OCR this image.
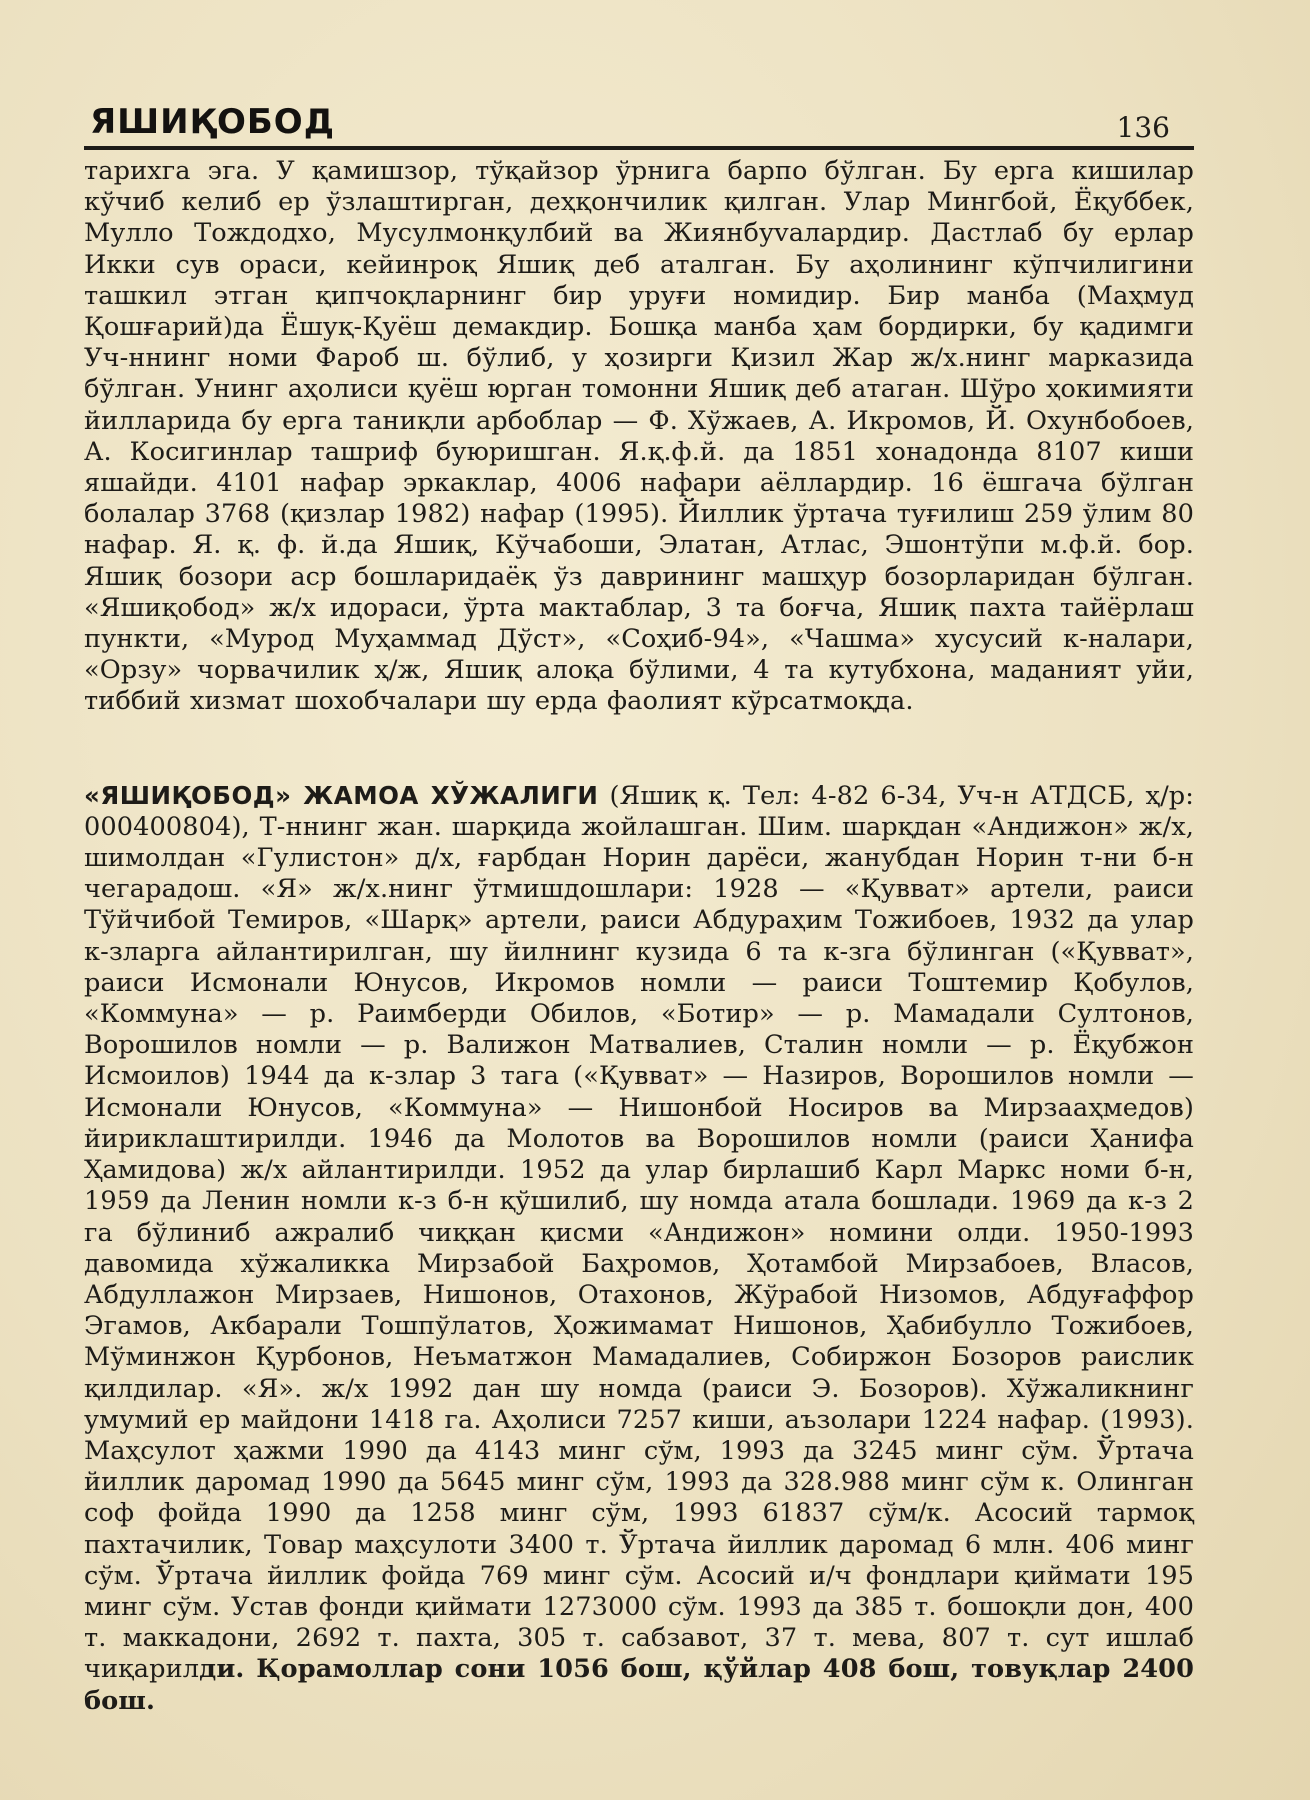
ЯШИҚОБОД	136

тарихга эга. У қамишзор, тўқайзор ўрнига барпо бўлган. Бу ерга кишилар кўчиб келиб ер ўзлаштирган, деҳқончилик қилган. Улар Мингбой, Ёқуббек, Мулло Тождодхо, Мусулмонқулбий ва Жиянбуvалардир. Дастлаб бу ерлар Икки сув ораси, кейинроқ Яшиқ деб аталган. Бу аҳолининг кўпчилигини ташкил этган қипчоқларнинг бир уруғи номидир. Бир манба (Маҳмуд Қошғарий)да Ёшуқ-Қуёш демакдир. Бошқа манба ҳам бордирки, бу қадимги Уч-ннинг номи Фароб ш. бўлиб, у ҳозирги Қизил Жар ж/х.нинг марказида бўлган. Унинг аҳолиси қуёш юрган томонни Яшиқ деб атаган. Шўро ҳокимияти йилларида бу ерга таниқли арбоблар — Ф. Хўжаев, А. Икромов, Й. Охунбобоев, А. Косигинлар ташриф буюришган. Я.қ.ф.й. да 1851 хонадонда 8107 киши яшайди. 4101 нафар эркаклар, 4006 нафари аёллардир. 16 ёшгача бўлган болалар 3768 (қизлар 1982) нафар (1995). Йиллик ўртача туғилиш 259 ўлим 80 нафар. Я. қ. ф. й.да Яшиқ, Кўчабоши, Элатан, Атлас, Эшонтўпи м.ф.й. бор. Яшиқ бозори аср бошларидаёқ ўз даврининг машҳур бозорларидан бўлган. «Яшиқобод» ж/х идораси, ўрта мактаблар, 3 та боғча, Яшиқ пахта тайёрлаш пункти, «Мурод Муҳаммад Дўст», «Соҳиб-94», «Чашма» хусусий к-налари, «Орзу» чорвачилик ҳ/ж, Яшиқ алоқа бўлими, 4 та кутубхона, маданият уйи, тиббий хизмат шохобчалари шу ерда фаолият кўрсатмоқда.

«ЯШИҚОБОД» ЖАМОА ХЎЖАЛИГИ (Яшиқ қ. Тел: 4-82 6-34, Уч-н АТДСБ, ҳ/р: 000400804), Т-ннинг жан. шарқида жойлашган. Шим. шарқдан «Андижон» ж/х, шимолдан «Гулистон» д/х, ғарбдан Норин дарёси, жанубдан Норин т-ни б-н чегарадош. «Я» ж/х.нинг ўтмишдошлари: 1928 — «Қувват» артели, раиси Тўйчибой Темиров, «Шарқ» артели, раиси Абдураҳим Тожибоев, 1932 да улар к-зларга айлантирилган, шу йилнинг кузида 6 та к-зга бўлинган («Қувват», раиси Исмонали Юнусов, Икромов номли — раиси Тоштемир Қобулов, «Коммуна» — р. Раимберди Обилов, «Ботир» — р. Мамадали Султонов, Ворошилов номли — р. Валижон Матвалиев, Сталин номли — р. Ёқубжон Исмоилов) 1944 да к-злар 3 тага («Қувват» — Назиров, Ворошилов номли — Исмонали Юнусов, «Коммуна» — Нишонбой Носиров ва Мирзааҳмедов) йириклаштирилди. 1946 да Молотов ва Ворошилов номли (раиси Ҳанифа Ҳамидова) ж/х айлантирилди. 1952 да улар бирлашиб Карл Маркс номи б-н, 1959 да Ленин номли к-з б-н қўшилиб, шу номда атала бошлади. 1969 да к-з 2 га бўлиниб ажралиб чиққан қисми «Андижон» номини олди. 1950-1993 давомида хўжаликка Мирзабой Баҳромов, Ҳотамбой Мирзабоев, Власов, Абдуллажон Мирзаев, Нишонов, Отахонов, Жўрабой Низомов, Абдуғаффор Эгамов, Акбарали Тошпўлатов, Ҳожимамат Нишонов, Ҳабибулло Тожибоев, Мўминжон Қурбонов, Неъматжон Мамадалиев, Собиржон Бозоров раислик қилдилар. «Я». ж/х 1992 дан шу номда (раиси Э. Бозоров). Хўжаликнинг умумий ер майдони 1418 га. Аҳолиси 7257 киши, аъзолари 1224 нафар. (1993). Маҳсулот ҳажми 1990 да 4143 минг сўм, 1993 да 3245 минг сўм. Ўртача йиллик даромад 1990 да 5645 минг сўм, 1993 да 328.988 минг сўм к. Олинган соф фойда 1990 да 1258 минг сўм, 1993 61837 сўм/к. Асосий тармоқ пахтачилик, Товар маҳсулоти 3400 т. Ўртача йиллик даромад 6 млн. 406 минг сўм. Ўртача йиллик фойда 769 минг сўм. Асосий и/ч фондлари қиймати 195 минг сўм. Устав фонди қиймати 1273000 сўм. 1993 да 385 т. бошоқли дон, 400 т. маккадони, 2692 т. пахта, 305 т. сабзавот, 37 т. мева, 807 т. сут ишлаб чиқарилди. Қорамоллар сони 1056 бош, қўйлар 408 бош, товуқлар 2400 бош.
